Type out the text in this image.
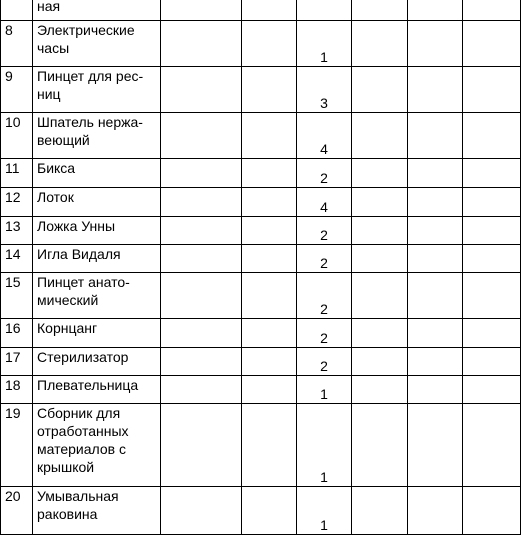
	ная						

8	Электрические
часы			1			
9	Пинцет для рес-
ниц			3			
10	Шпатель нержа-
веющий			4			
11	Бикса			2			
12	Лоток			4			
13	Ложка Унны			2			
14	Игла Видаля			2			
15	Пинцет анато-
мический			2			
16	Корнцанг			2			
17	Стерилизатор			2			
18	Плевательница			1			
19	Сборник для
отработанных
материалов с
крышкой			1			
20	Умывальная
раковина			1			
